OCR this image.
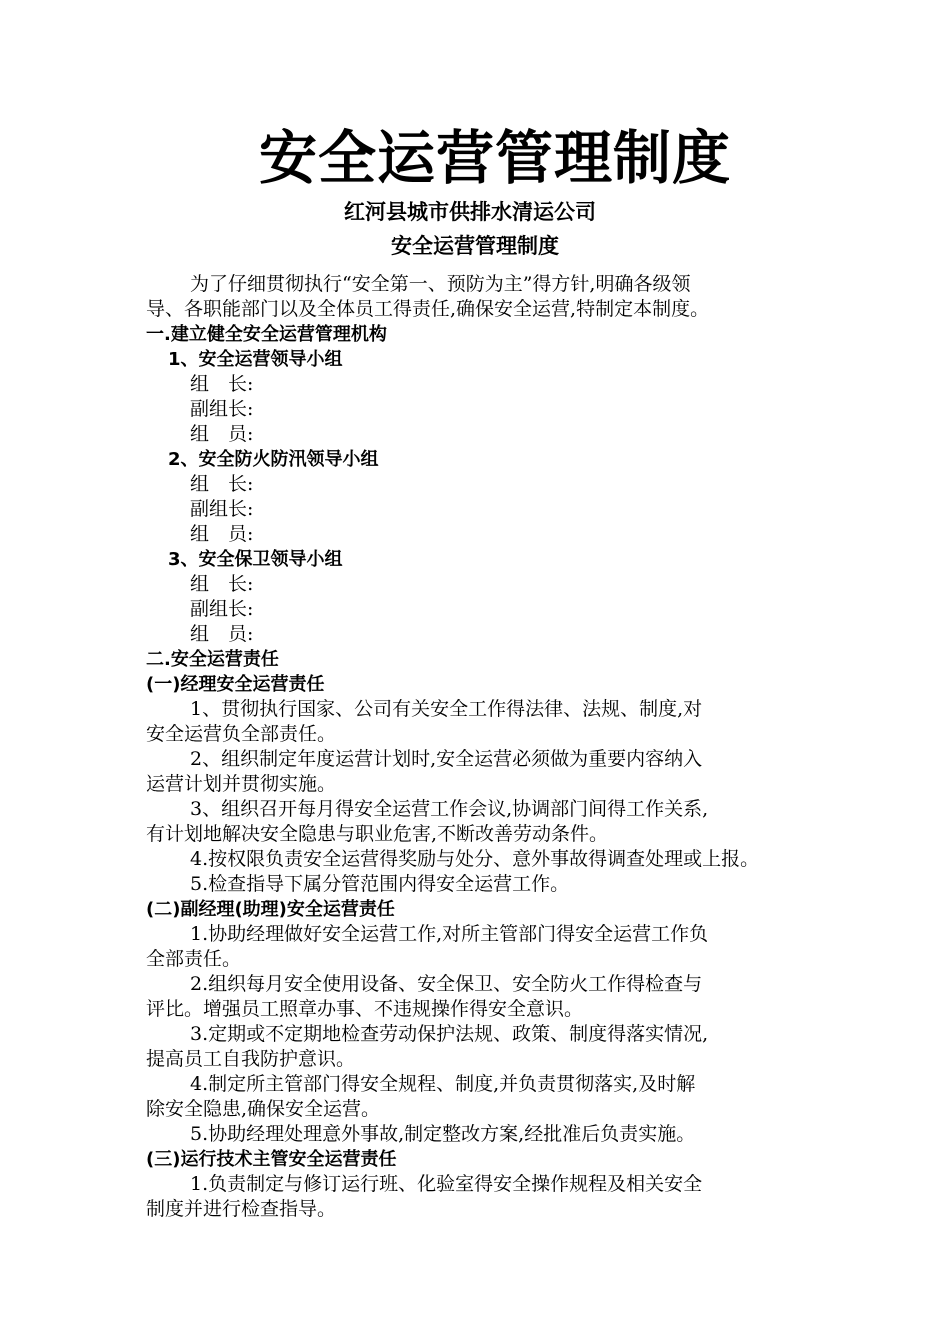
安全运营管理制度
红河县城市供排水清运公司
安全运营管理制度
为了仔细贯彻执行“安全第一、预防为主”得方针,明确各级领
导、各职能部门以及全体员工得责任,确保安全运营,特制定本制度。
一.建立健全安全运营管理机构
1、安全运营领导小组
组　长:
副组长:
组　员:
2、安全防火防汛领导小组
组　长:
副组长:
组　员:
3、安全保卫领导小组
组　长:
副组长:
组　员:
二.安全运营责任
(一)经理安全运营责任
1、贯彻执行国家、公司有关安全工作得法律、法规、制度,对
安全运营负全部责任。
2、组织制定年度运营计划时,安全运营必须做为重要内容纳入
运营计划并贯彻实施。
3、组织召开每月得安全运营工作会议,协调部门间得工作关系,
有计划地解决安全隐患与职业危害,不断改善劳动条件。
4.按权限负责安全运营得奖励与处分、意外事故得调查处理或上报。
5.检查指导下属分管范围内得安全运营工作。
(二)副经理(助理)安全运营责任
1.协助经理做好安全运营工作,对所主管部门得安全运营工作负
全部责任。
2.组织每月安全使用设备、安全保卫、安全防火工作得检查与
评比。增强员工照章办事、不违规操作得安全意识。
3.定期或不定期地检查劳动保护法规、政策、制度得落实情况,
提高员工自我防护意识。
4.制定所主管部门得安全规程、制度,并负责贯彻落实,及时解
除安全隐患,确保安全运营。
5.协助经理处理意外事故,制定整改方案,经批准后负责实施。
(三)运行技术主管安全运营责任
1.负责制定与修订运行班、化验室得安全操作规程及相关安全
制度并进行检查指导。
